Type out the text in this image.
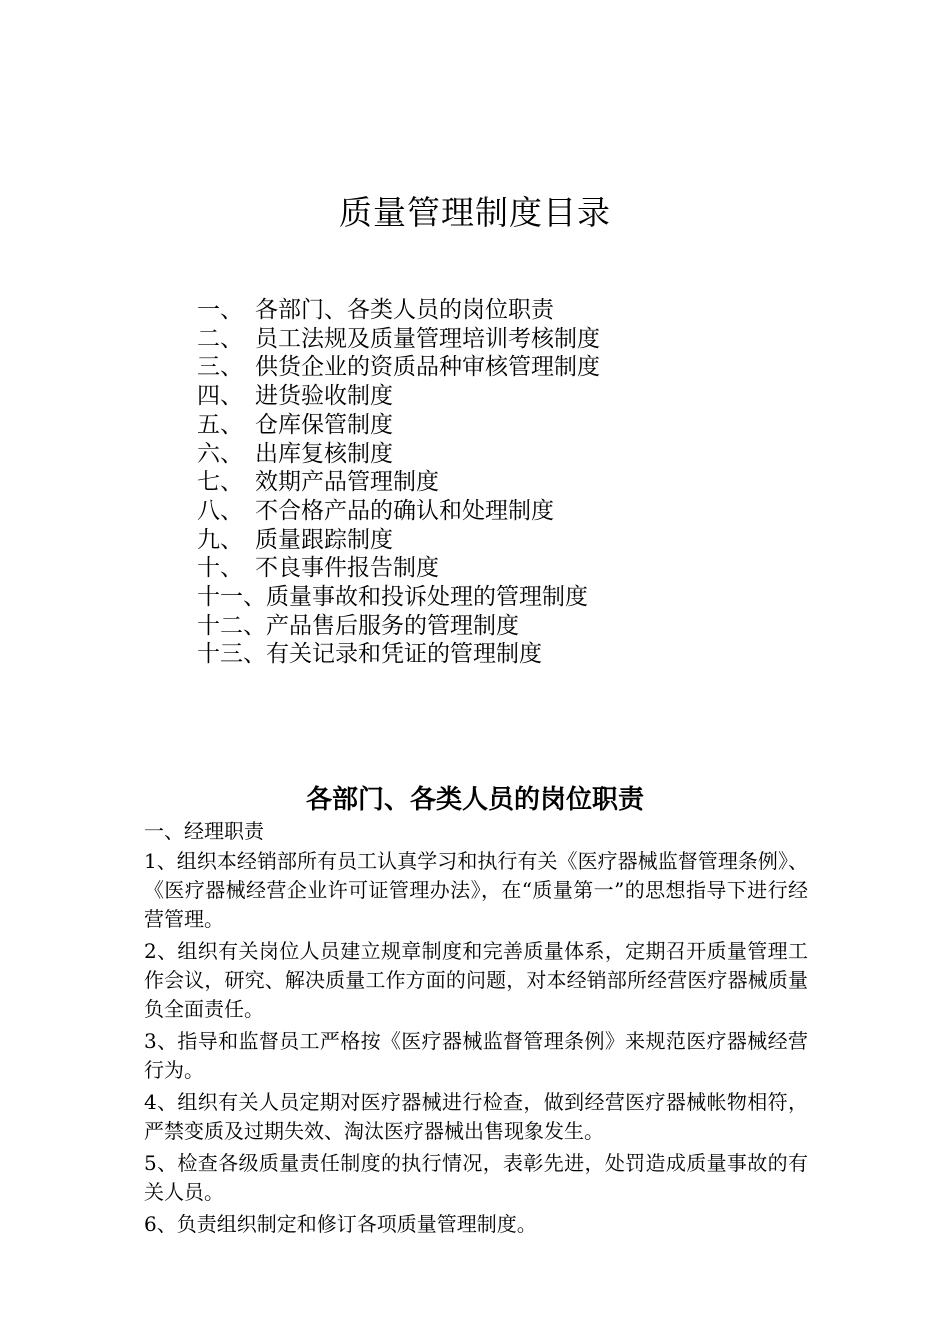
质量管理制度目录
一、 各部门、各类人员的岗位职责
二、 员工法规及质量管理培训考核制度
三、 供货企业的资质品种审核管理制度
四、 进货验收制度
五、 仓库保管制度
六、 出库复核制度
七、 效期产品管理制度
八、 不合格产品的确认和处理制度
九、 质量跟踪制度
十、 不良事件报告制度
十一、 质量事故和投诉处理的管理制度
十二、 产品售后服务的管理制度
十三、 有关记录和凭证的管理制度
各部门、各类人员的岗位职责

一、经理职责

1、组织本经销部所有员工认真学习和执行有关《医疗器械监督管理条例》、《医疗器械经营企业许可证管理办法》，在“质量第一”的思想指导下进行经营管理。

2、组织有关岗位人员建立规章制度和完善质量体系，定期召开质量管理工作会议，研究、解决质量工作方面的问题，对本经销部所经营医疗器械质量负全面责任。

3、指导和监督员工严格按《医疗器械监督管理条例》来规范医疗器械经营行为。

4、组织有关人员定期对医疗器械进行检查，做到经营医疗器械帐物相符，严禁变质及过期失效、淘汰医疗器械出售现象发生。

5、检查各级质量责任制度的执行情况，表彰先进，处罚造成质量事故的有关人员。

6、负责组织制定和修订各项质量管理制度。
